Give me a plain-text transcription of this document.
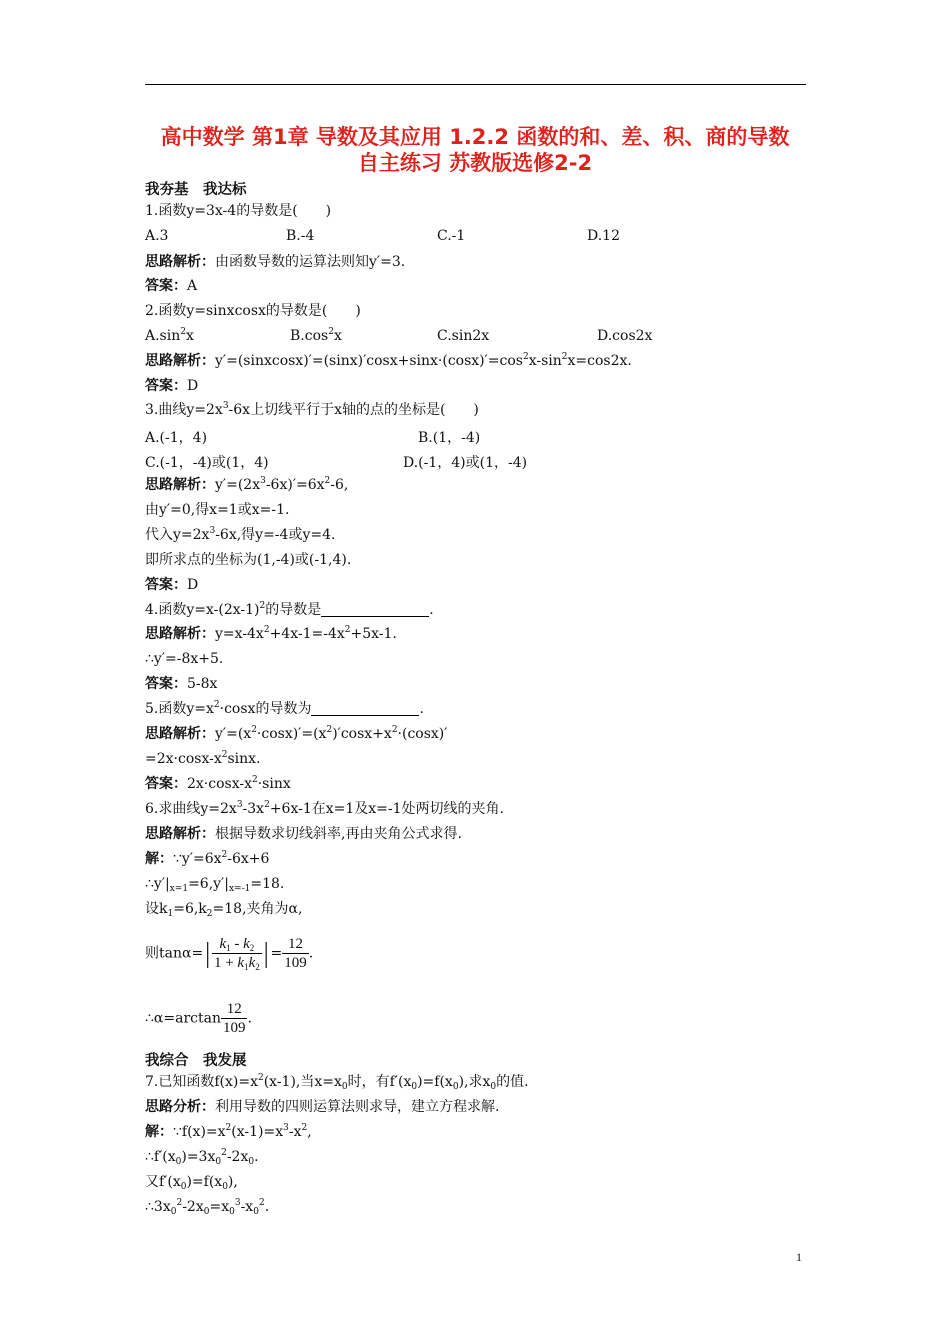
高中数学 第1章 导数及其应用 1.2.2 函数的和、差、积、商的导数
自主练习 苏教版选修2-2
我夯基　我达标
1.函数y=3x-4的导数是(　　)
A.3	B.-4	C.-1	D.12
思路解析：由函数导数的运算法则知y′=3.
答案：A
2.函数y=sinxcosx的导数是(　　)
$A.\sin^2x$	$B.\cos^2x$	C.sin2x	D.cos2x
思路解析：$y'=(sinxcosx)'=(\sin x)'\cos x+\sin x\cdot(\cos x)'=\cos^2x-\sin^2x=\cos 2x$.
答案：D
3.曲线$y=2x^3-6x$上切线平行于x轴的点的坐标是(　　)
A.(-1，4)	B.(1，-4)
C.(-1，-4)或(1，4)	D.(-1，4)或(1，-4)
思路解析：$y'=(2x^3-6x)'=6x^2-6$,
由y′=0,得x=1或x=-1.
代入$y=2x^3-6x$,得y=-4或y=4.
即所求点的坐标为(1,-4)或(-1,4).
答案：D
4.函数$y=x-(2x-1)^2$的导数是	.
思路解析：$y=x-4x^2+4x-1=-4x^2+5x-1$.
∴y′=-8x+5.
答案：5-8x
5.函数$y=x^2\cdot\cos x$的导数为	.
思路解析：$y'=(x^2\cdot\cos x)'=(x^2)'\cos x+x^2\cdot(\cos x)'$
$=2x\cdot\cos x-x^2\sin x$.
答案：$2x\cdot\cos x-x^2\cdot\sin x$
6.求曲线$y=2x^3-3x^2+6x-1$在x=1及x=-1处两切线的夹角.
思路解析：根据导数求切线斜率,再由夹角公式求得.
解：$\because y'=6x^2-6x+6$
$\therefore y'|_{x=1}=6,y'|_{x=-1}=18$.
设$k_1=6,k_2=18$,夹角为α,
则$\tan\alpha=| \frac{k_1 - k_2}{1 + k_1k_2}$ |= $\frac{12}{109}$ .
∴α=arctan $\frac{12}{109}$ .
我综合　我发展
7.已知函数$f(x)=x^2(x-1)$,当$x=x_0$时，有$f'(x_0)=f(x_0)$,求$x_0$的值.
思路分析：利用导数的四则运算法则求导，建立方程求解.
解：$\because f(x)=x^2(x-1)=x^3-x^2$,
$\therefore f'(x_0)=3x_0^2-2x_0$.
又$f'(x_0)=f(x_0)$,
$\therefore 3x_0^2-2x_0=x_0^3-x_0^2$.
1
